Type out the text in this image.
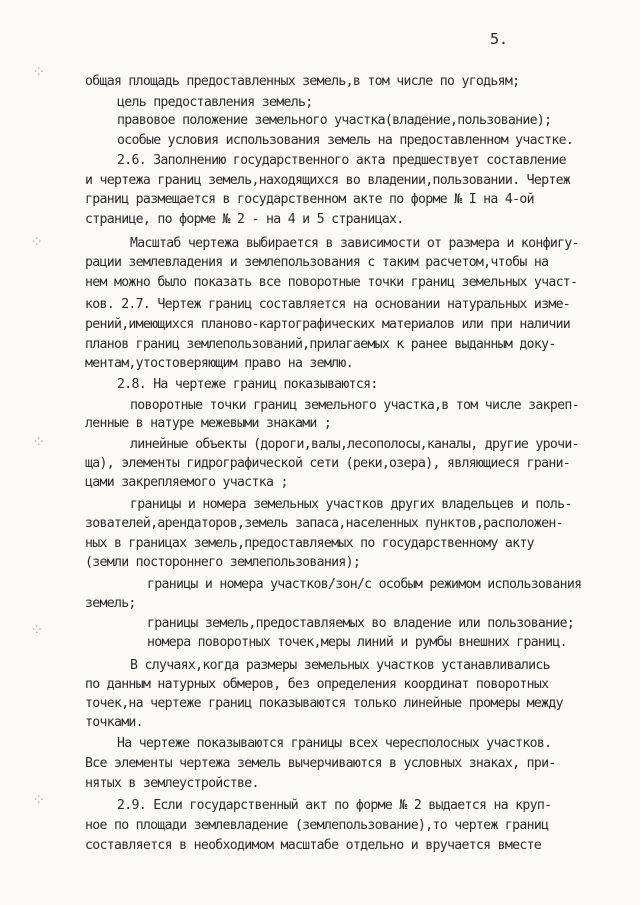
5.
⁘
⁘
⁘
⁘
⁘
общая площадь предоставленных земель,в том числе по угодьям;
цель предоставления земель;
правовое положение земельного участка(владение,пользование);
особые условия использования земель на предоставленном участке.
2.6. Заполнению государственного акта предшествует составление
и чертежа границ земель,находящихся во владении,пользовании. Чертеж
границ размещается в государственном акте по форме № I на 4-ой
странице, по форме № 2 - на 4 и 5 страницах.
Масштаб чертежа выбирается в зависимости от размера и конфигу-
рации землевладения и землепользования с таким расчетом,чтобы на
нем можно было показать все поворотные точки границ земельных участ-
ков. 2.7. Чертеж границ составляется на основании натуральных изме-
рений,имеющихся планово-картографических материалов или при наличии
планов границ землепользований,прилагаемых к ранее выданным доку-
ментам,утостоверяющим право на землю.
2.8. На чертеже границ показываются:
поворотные точки границ земельного участка,в том числе закреп-
ленные в натуре межевыми знаками ;
линейные объекты (дороги,валы,лесополосы,каналы, другие урочи-
ща), элементы гидрографической сети (реки,озера), являющиеся грани-
цами закрепляемого участка ;
границы и номера земельных участков других владельцев и поль-
зователей,арендаторов,земель запаса,населенных пунктов,расположен-
ных в границах земель,предоставляемых по государственному акту
(земли постороннего землепользования);
границы и номера участков/зон/с особым режимом использования
земель;
границы земель,предоставляемых во владение или пользование;
номера поворотных точек,меры линий и румбы внешних границ.
В случаях,когда размеры земельных участков устанавливались
по данным натурных обмеров, без определения координат поворотных
точек,на чертеже границ показываются только линейные промеры между
точками.
На чертеже показываются границы всех чересполосных участков.
Все элементы чертежа земель вычерчиваются в условных знаках, при-
нятых в землеустройстве.
2.9. Если государственный акт по форме № 2 выдается на круп-
ное по площади землевладение (землепользование),то чертеж границ
составляется в необходимом масштабе отдельно и вручается вместе
